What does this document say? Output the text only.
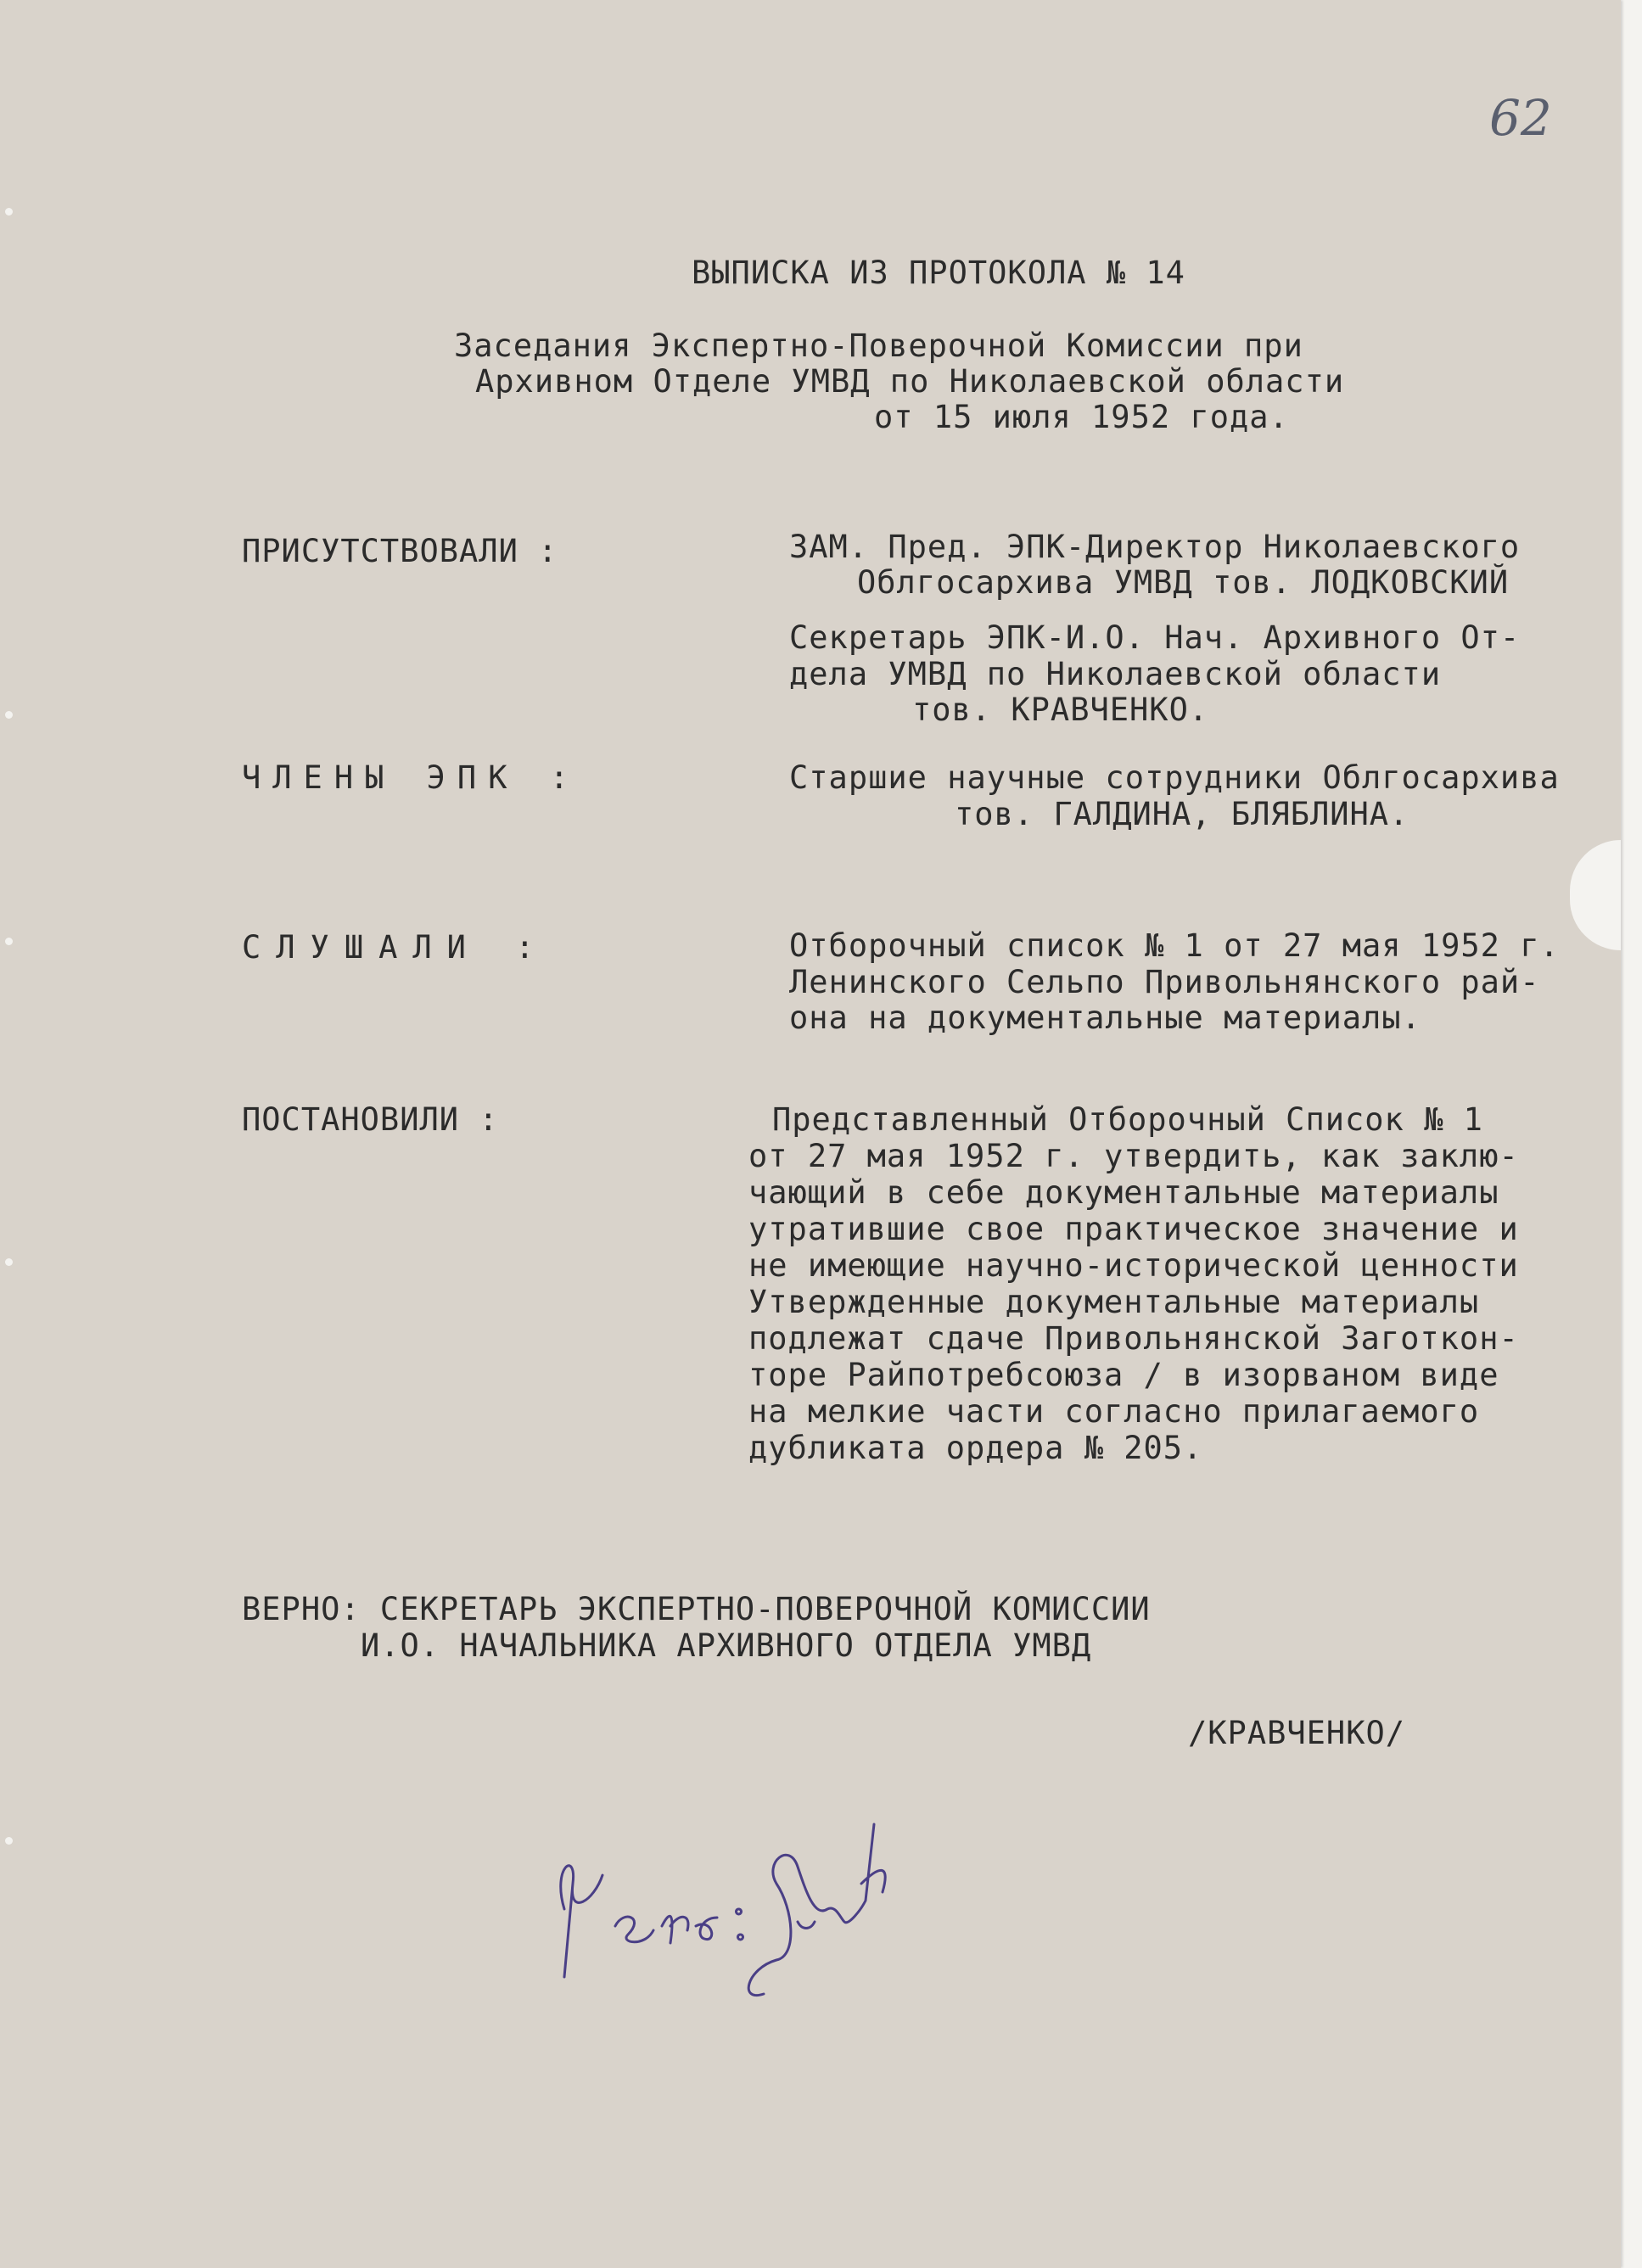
62
ВЫПИСКА ИЗ ПРОТОКОЛА № 14
Заседания Экспертно-Поверочной Комиссии при
Архивном Отделе УМВД по Николаевской области
от 15 июля 1952 года.
ПРИСУТСТВОВАЛИ :	ЗАМ. Пред. ЭПК-Директор Николаевского
Облгосархива УМВД тов. ЛОДКОВСКИЙ
Секретарь ЭПК-И.О. Нач. Архивного От-
дела УМВД по Николаевской области
тов. КРАВЧЕНКО.
ЧЛЕНЫ ЭПК :	Старшие научные сотрудники Облгосархива
тов. ГАЛДИНА, БЛЯБЛИНА.
СЛУШАЛИ :	Отборочный список № 1 от 27 мая 1952 г.
Ленинского Сельпо Привольнянского рай-
она на документальные материалы.
ПОСТАНОВИЛИ :	Представленный Отборочный Список № 1
от 27 мая 1952 г. утвердить, как заклю-
чающий в себе документальные материалы
утратившие свое практическое значение и
не имеющие научно-исторической ценности
Утвержденные документальные материалы
подлежат сдаче Привольнянской Заготкон-
торе Райпотребсоюза / в изорваном виде
на мелкие части согласно прилагаемого
дубликата ордера № 205.
ВЕРНО: СЕКРЕТАРЬ ЭКСПЕРТНО-ПОВЕРОЧНОЙ КОМИССИИ
И.О. НАЧАЛЬНИКА АРХИВНОГО ОТДЕЛА УМВД
/КРАВЧЕНКО/
